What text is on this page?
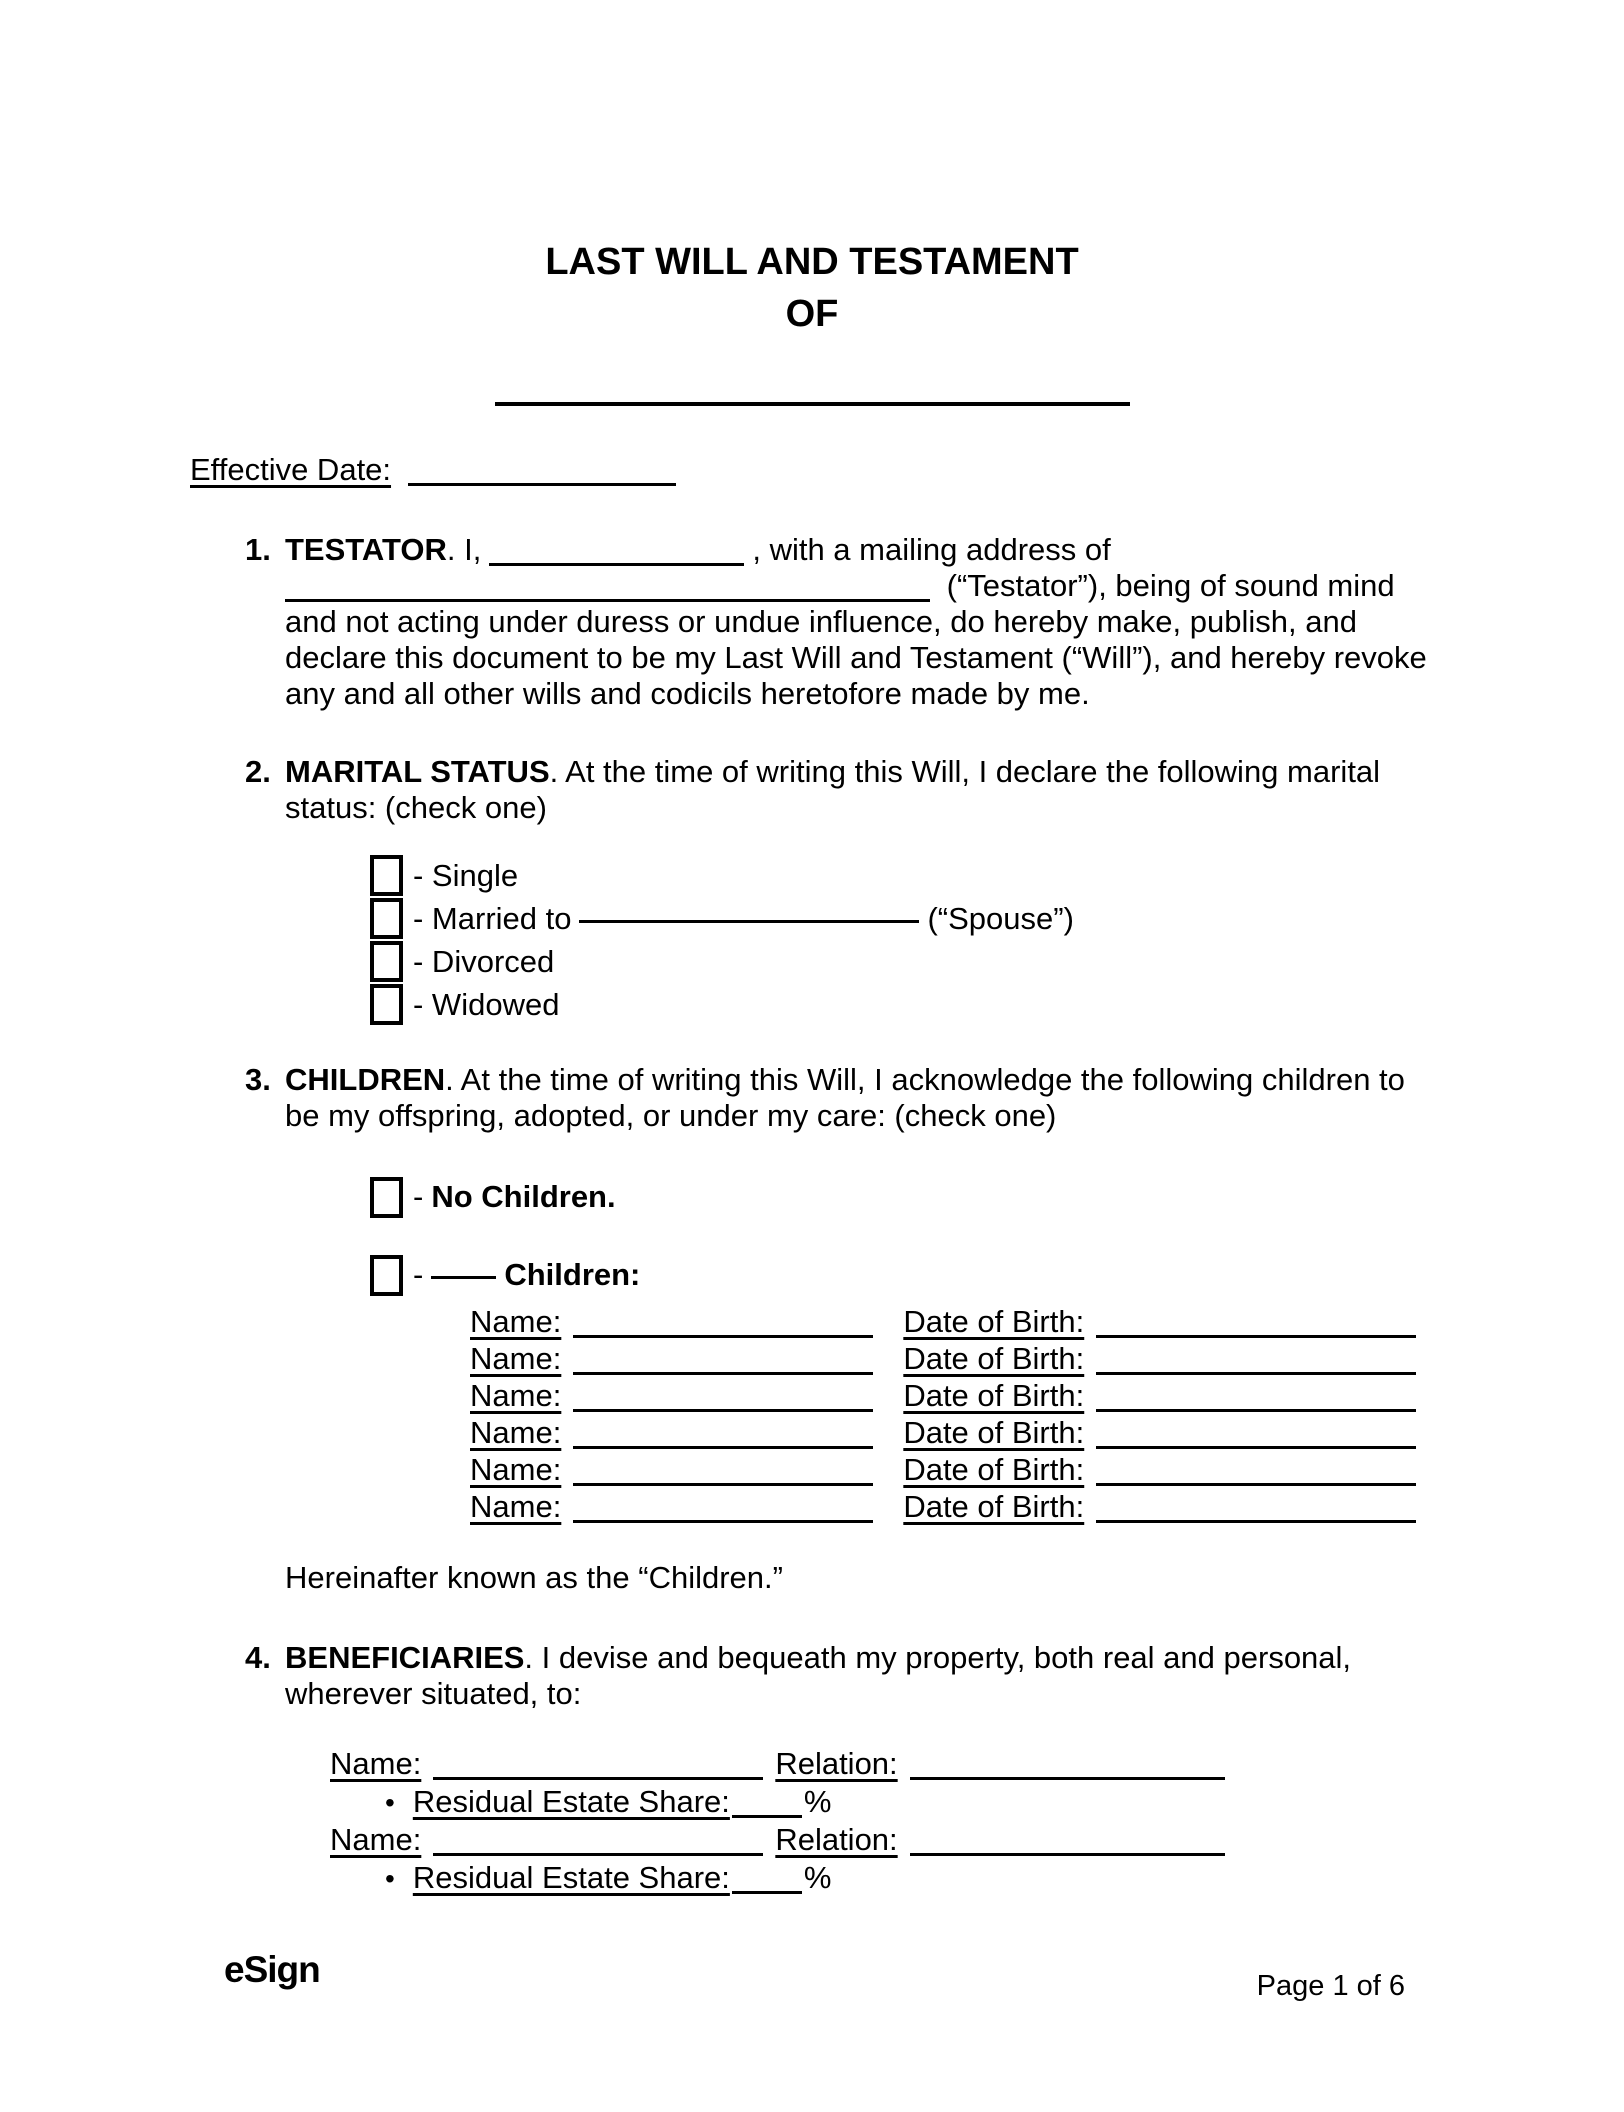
LAST WILL AND TESTAMENT
OF
Effective Date:
1. TESTATOR. I,	, with a mailing address of  (“Testator”), being of sound mind and not acting under duress or undue influence, do hereby make, publish, and declare this document to be my Last Will and Testament (“Will”), and hereby revoke any and all other wills and codicils heretofore made by me.
2. MARITAL STATUS. At the time of writing this Will, I declare the following marital status: (check one)
- Single
- Married to	(“Spouse”)
- Divorced
- Widowed
3. CHILDREN. At the time of writing this Will, I acknowledge the following children to be my offspring, adopted, or under my care: (check one)
- No Children.
-	Children:
Name:	Date of Birth:
Name:	Date of Birth:
Name:	Date of Birth:
Name:	Date of Birth:
Name:	Date of Birth:
Name:	Date of Birth:
Hereinafter known as the “Children.”
4. BENEFICIARIES. I devise and bequeath my property, both real and personal, wherever situated, to:
Name:	Relation:
• Residual Estate Share: %
Name:	Relation:
• Residual Estate Share: %
eSign	Page 1 of 6
